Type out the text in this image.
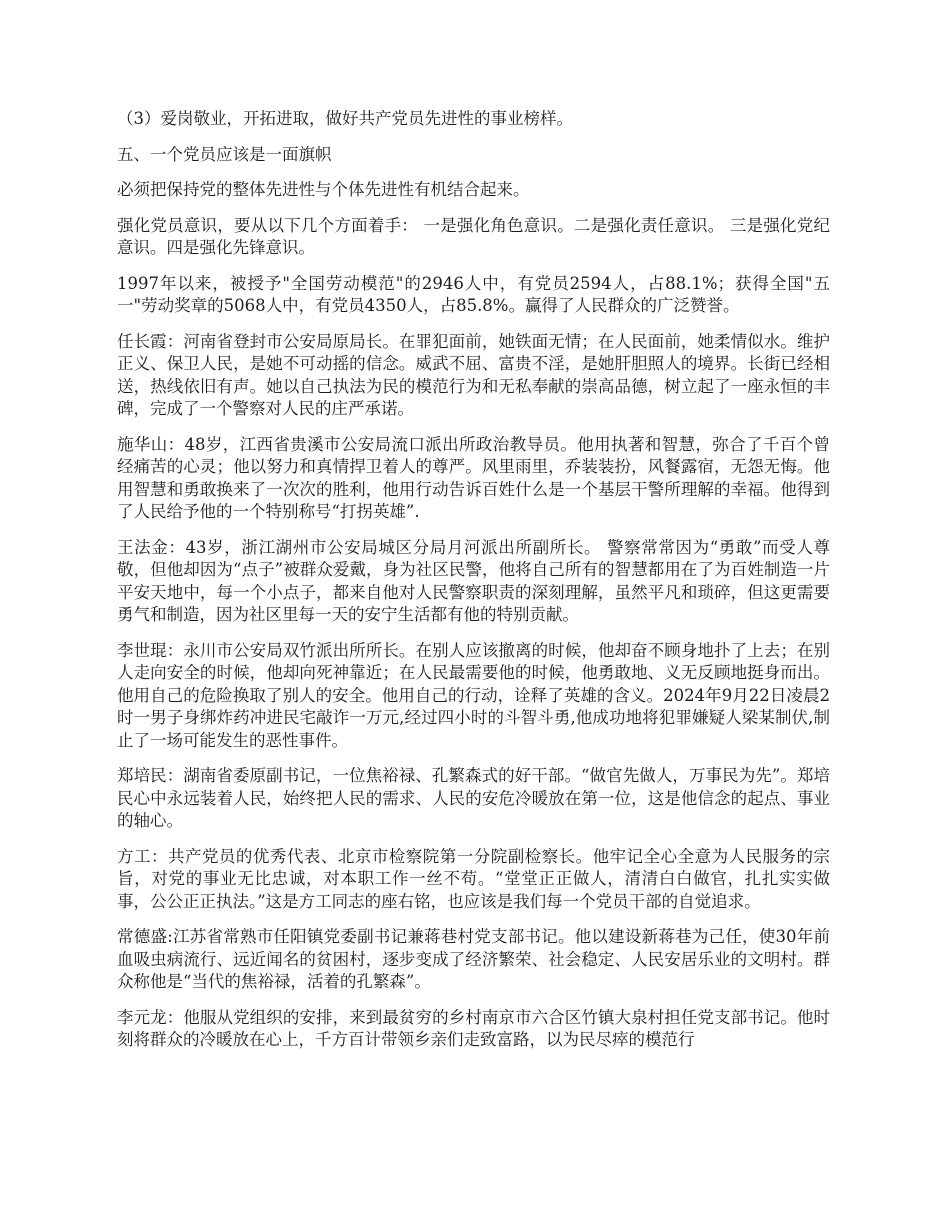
（3）爱岗敬业，开拓进取，做好共产党员先进性的事业榜样。

五、一个党员应该是一面旗帜

必须把保持党的整体先进性与个体先进性有机结合起来。

强化党员意识，要从以下几个方面着手： 一是强化角色意识。二是强化责任意识。 三是强化党纪意识。四是强化先锋意识。

1997年以来，被授予"全国劳动模范"的2946人中，有党员2594人，占88.1%；获得全国"五一"劳动奖章的5068人中，有党员4350人，占85.8%。赢得了人民群众的广泛赞誉。

任长霞：河南省登封市公安局原局长。在罪犯面前，她铁面无情；在人民面前，她柔情似水。维护正义、保卫人民，是她不可动摇的信念。威武不屈、富贵不淫，是她肝胆照人的境界。长街已经相送，热线依旧有声。她以自己执法为民的模范行为和无私奉献的崇高品德，树立起了一座永恒的丰碑，完成了一个警察对人民的庄严承诺。

施华山：48岁，江西省贵溪市公安局流口派出所政治教导员。他用执著和智慧，弥合了千百个曾经痛苦的心灵；他以努力和真情捍卫着人的尊严。风里雨里，乔装装扮，风餐露宿，无怨无悔。他用智慧和勇敢换来了一次次的胜利，他用行动告诉百姓什么是一个基层干警所理解的幸福。他得到了人民给予他的一个特别称号“打拐英雄”.

王法金：43岁，浙江湖州市公安局城区分局月河派出所副所长。 警察常常因为“勇敢”而受人尊敬，但他却因为“点子”被群众爱戴，身为社区民警，他将自己所有的智慧都用在了为百姓制造一片平安天地中，每一个小点子，都来自他对人民警察职责的深刻理解，虽然平凡和琐碎，但这更需要勇气和制造，因为社区里每一天的安宁生活都有他的特别贡献。

李世琨：永川市公安局双竹派出所所长。在别人应该撤离的时候，他却奋不顾身地扑了上去；在别人走向安全的时候，他却向死神靠近；在人民最需要他的时候，他勇敢地、义无反顾地挺身而出。他用自己的危险换取了别人的安全。他用自己的行动，诠释了英雄的含义。2024年9月22日凌晨2时一男子身绑炸药冲进民宅敲诈一万元,经过四小时的斗智斗勇,他成功地将犯罪嫌疑人梁某制伏,制止了一场可能发生的恶性事件。

郑培民：湖南省委原副书记，一位焦裕禄、孔繁森式的好干部。“做官先做人，万事民为先”。郑培民心中永远装着人民，始终把人民的需求、人民的安危冷暖放在第一位，这是他信念的起点、事业的轴心。

方工：共产党员的优秀代表、北京市检察院第一分院副检察长。他牢记全心全意为人民服务的宗旨，对党的事业无比忠诚，对本职工作一丝不苟。“堂堂正正做人，清清白白做官，扎扎实实做事，公公正正执法。”这是方工同志的座右铭，也应该是我们每一个党员干部的自觉追求。

常德盛:江苏省常熟市任阳镇党委副书记兼蒋巷村党支部书记。他以建设新蒋巷为己任，使30年前血吸虫病流行、远近闻名的贫困村，逐步变成了经济繁荣、社会稳定、人民安居乐业的文明村。群众称他是“当代的焦裕禄，活着的孔繁森”。

李元龙：他服从党组织的安排，来到最贫穷的乡村南京市六合区竹镇大泉村担任党支部书记。他时刻将群众的冷暖放在心上，千方百计带领乡亲们走致富路，以为民尽瘁的模范行
